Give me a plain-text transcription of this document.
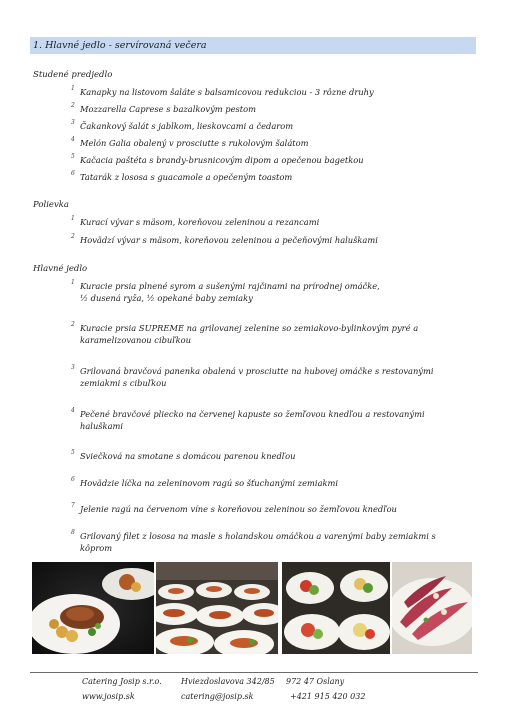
1. Hlavné jedlo - servírovaná večera
Studené predjedlo
1 Kanapky na listovom šaláte s balsamicovou redukciou - 3 rôzne druhy
2 Mozzarella Caprese s bazalkovým pestom
3 Čakankový šalát s jablkom, lieskovcami a čedarom
4 Melón Galia obalený v prosciutte s rukolovým šalátom
5 Kačacia paštéta s brandy-brusnicovým dipom a opečenou bagetkou
6 Tatarák z lososa s guacamole a opečeným toastom
Polievka
1 Kurací vývar s mäsom, koreňovou zeleninou a rezancami
2 Hovädzí vývar s mäsom, koreňovou zeleninou a pečeňovými haluškami
Hlavné jedlo
1 Kuracie prsia plnené syrom a sušenými rajčinami na prírodnej omáčke,
½ dusená ryža, ½ opekané baby zemiaky
2 Kuracie prsia SUPREME na grilovanej zelenine so zemiakovo-bylinkovým pyré a
karamelizovanou cibuľkou
3 Grilovaná bravčová panenka obalená v prosciutte na hubovej omáčke s restovanými
zemiakmi s cibuľkou
4 Pečené bravčové pliecko na červenej kapuste so žemľovou knedľou a restovanými
haluškami
5 Sviečková na smotane s domácou parenou knedľou
6 Hovädzie líčka na zeleninovom ragú so šťuchanými zemiakmi
7 Jelenie ragú na červenom víne s koreňovou zeleninou so žemľovou knedľou
8 Grilovaný filet z lososa na masle s holandskou omáčkou a varenými baby zemiakmi s
kôprom
Catering Josip s.r.o. Hviezdoslavova 342/85 972 47 Oslany
www.josip.sk	catering@josip.sk	+421 915 420 032
